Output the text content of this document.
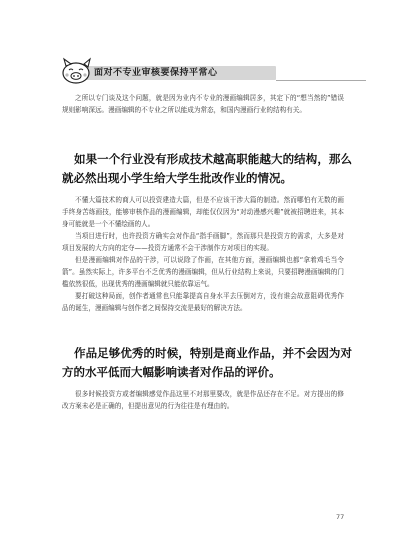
面对不专业审核要保持平常心

之所以专门谈及这个问题，就是因为业内不专业的漫画编辑居多，其定下的“想当然的”错误规则影响深远。漫画编辑的不专业之所以能成为常态，和国内漫画行业的结构有关。

如果一个行业没有形成技术越高职能越大的结构，那么就必然出现小学生给大学生批改作业的情况。

不懂大篇技术的商人可以投资建造大篇，但是不应该干涉大篇的制造。然而哪怕有无数的画手终身苦练画技，能够审核作品的漫画编辑，却能仅仅因为“对动漫感兴趣”就被招聘进来，其本身可能就是一个不懂绘画的人。

当项目进行时，也许投资方确实会对作品“指手画脚”，然而那只是投资方的需求，大多是对项目发展的大方向的定夺——投资方通常不会干涉制作方对项目的实现。

但是漫画编辑对作品的干涉，可以说除了作画，在其他方面，漫画编辑也都“拿着鸡毛当令箭”。虽然实际上，许多平台不乏优秀的漫画编辑，但从行业结构上来说，只要招聘漫画编辑的门槛依然很低，出现优秀的漫画编辑就只能依靠运气。

要打破这种局面，创作者通常也只能靠提高自身水平去压倒对方，没有谁会故意阻碍优秀作品的诞生，漫画编辑与创作者之间保持交流是最好的解决方法。

作品足够优秀的时候，特别是商业作品，并不会因为对方的水平低而大幅影响读者对作品的评价。

很多时候投资方或者编辑感觉作品这里不对那里要改，就是作品还存在不足。对方提出的修改方案未必是正确的，但提出意见的行为往往是有理由的。

77
